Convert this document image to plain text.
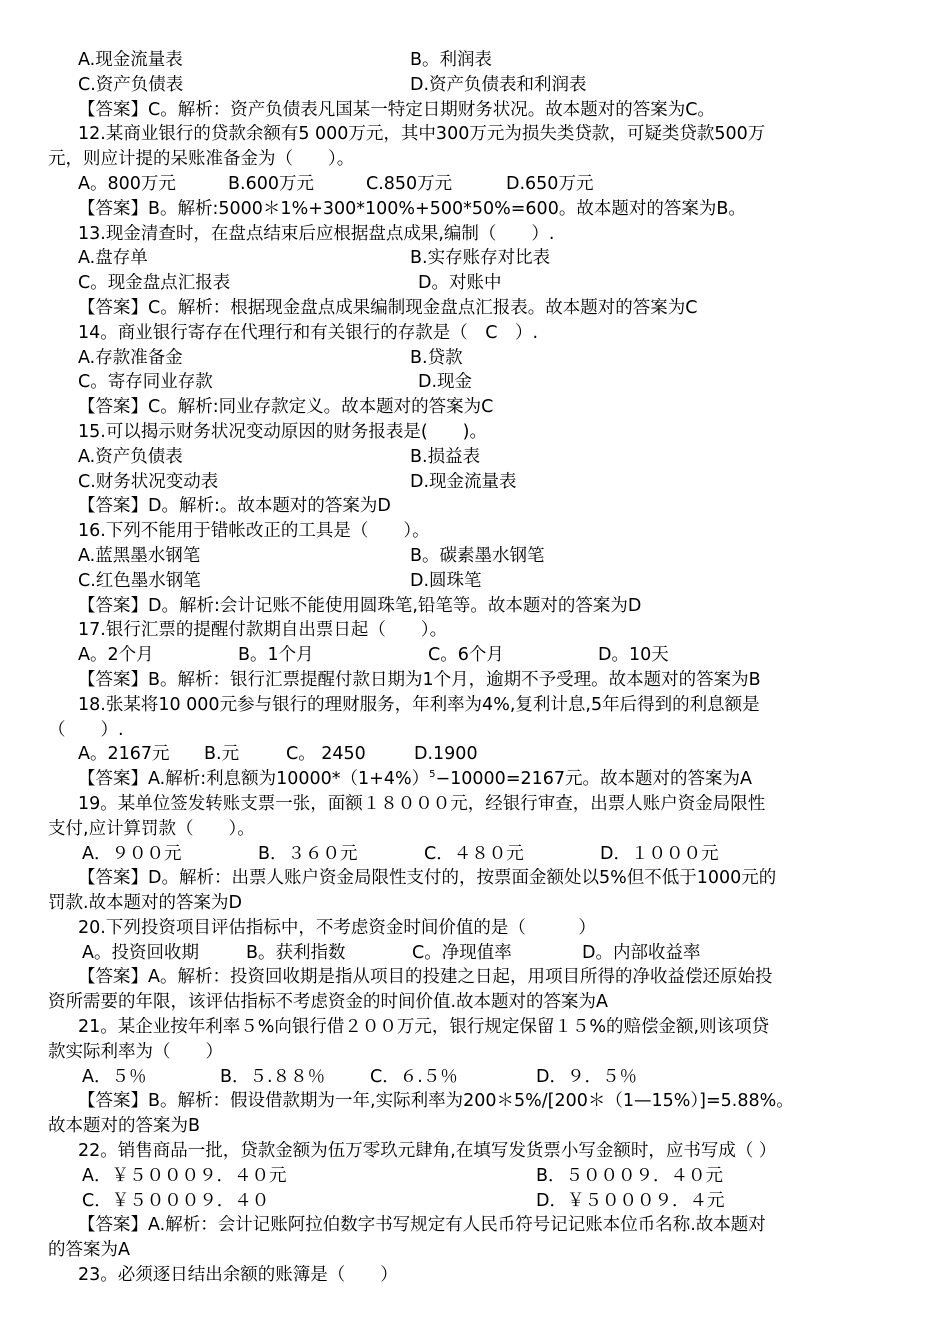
A.现金流量表	B。利润表
C.资产负债表	D.资产负债表和利润表
【答案】C。解析：资产负债表凡国某一特定日期财务状况。故本题对的答案为C。
12.某商业银行的贷款余额有5 000万元，其中300万元为损失类贷款，可疑类贷款500万
元，则应计提的呆账准备金为（　　）。
A。800万元	B.600万元	C.850万元	D.650万元
【答案】B。解析:5000＊1%+300*100%+500*50%=600。故本题对的答案为B。
13.现金清查时，在盘点结束后应根据盘点成果,编制（　　）.
A.盘存单	B.实存账存对比表
C。现金盘点汇报表	D。对账中
【答案】C。解析：根据现金盘点成果编制现金盘点汇报表。故本题对的答案为C
14。商业银行寄存在代理行和有关银行的存款是（　C　）.
A.存款准备金	B.贷款
C。寄存同业存款	D.现金
【答案】C。解析:同业存款定义。故本题对的答案为C
15.可以揭示财务状况变动原因的财务报表是(　　)。
A.资产负债表	B.损益表
C.财务状况变动表	D.现金流量表
【答案】D。解析:。故本题对的答案为D
16.下列不能用于错帐改正的工具是（　　）。
A.蓝黑墨水钢笔	B。碳素墨水钢笔
C.红色墨水钢笔	D.圆珠笔
【答案】D。解析:会计记账不能使用圆珠笔,铅笔等。故本题对的答案为D
17.银行汇票的提醒付款期自出票日起（　　）。
A。2个月	B。1个月	C。6个月	D。10天
【答案】B。解析：银行汇票提醒付款日期为1个月，逾期不予受理。故本题对的答案为B
18.张某将10 000元参与银行的理财服务，年利率为4%,复利计息,5年后得到的利息额是
（　　）.
A。2167元 B.元	C。 2450	D.1900
【答案】A.解析:利息额为$10000*(1+4\%)^5-10000=2167$元。故本题对的答案为A
19。某单位签发转账支票一张，面额１８０００元，经银行审查，出票人账户资金局限性
支付,应计算罚款（　　）。
A．９００元	B．３６０元	C．４８０元	D．１０００元
【答案】D。解析：出票人账户资金局限性支付的，按票面金额处以5%但不低于1000元的
罚款.故本题对的答案为D
20.下列投资项目评估指标中，不考虑资金时间价值的是（　　　）
A。投资回收期	B。获利指数	C。净现值率	D。内部收益率
【答案】A。解析：投资回收期是指从项目的投建之日起，用项目所得的净收益偿还原始投
资所需要的年限，该评估指标不考虑资金的时间价值.故本题对的答案为A
21。某企业按年利率５%向银行借２００万元，银行规定保留１５%的赔偿金额,则该项贷
款实际利率为（　　）
A．５％	B．５.８８％	C．６.５％	D．９．５％
【答案】B。解析：假设借款期为一年,实际利率为200＊5%/[200＊（1—15%）]=5.88%。
故本题对的答案为B
22。销售商品一批，贷款金额为伍万零玖元肆角,在填写发货票小写金额时，应书写成（ ）
A．￥５０００９．４０元	B．５０００９．４０元
C．￥５０００９．４０	D．￥５０００９．４元
【答案】A.解析：会计记账阿拉伯数字书写规定有人民币符号记记账本位币名称.故本题对
的答案为A
23。必须逐日结出余额的账簿是（　　）
